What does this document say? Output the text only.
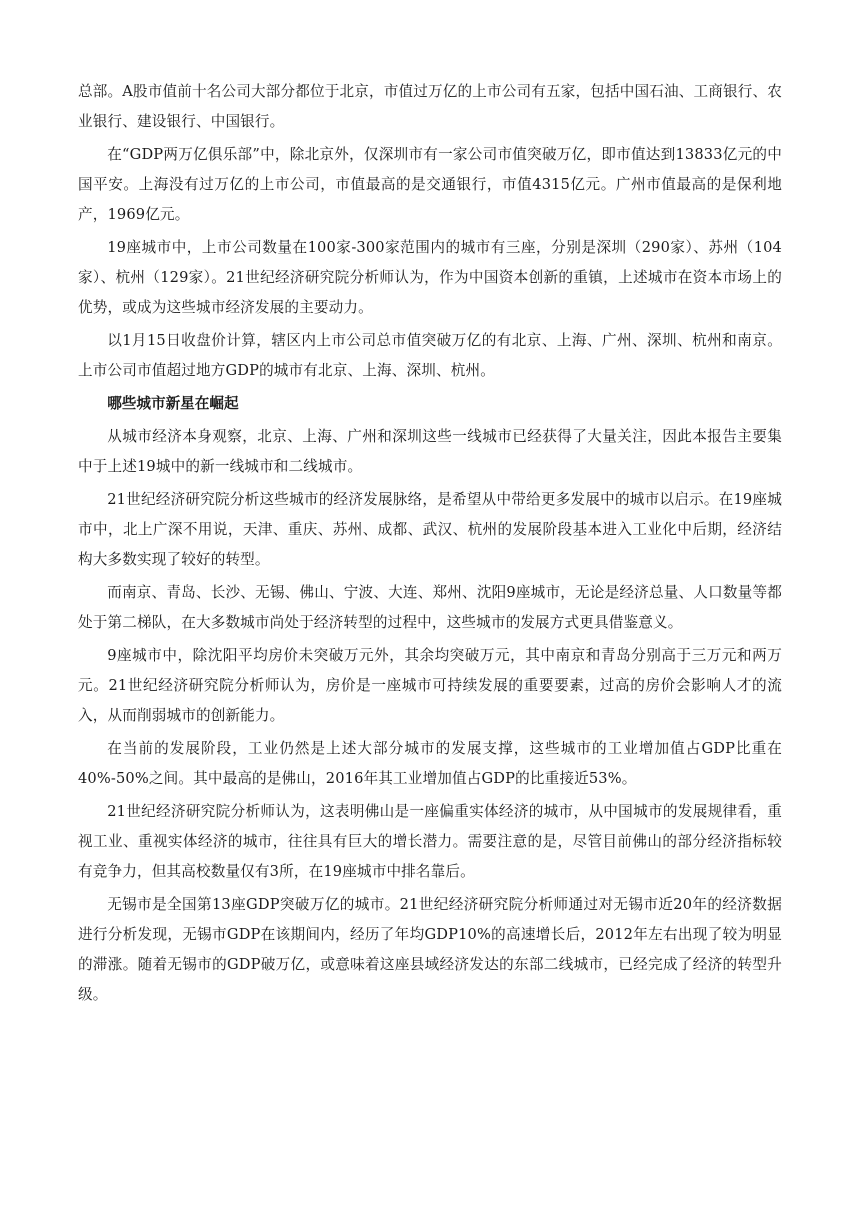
总部。A股市值前十名公司大部分都位于北京，市值过万亿的上市公司有五家，包括中国石油、工商银行、农业银行、建设银行、中国银行。

在“GDP两万亿俱乐部”中，除北京外，仅深圳市有一家公司市值突破万亿，即市值达到13833亿元的中国平安。上海没有过万亿的上市公司，市值最高的是交通银行，市值4315亿元。广州市值最高的是保利地产，1969亿元。

19座城市中，上市公司数量在100家-300家范围内的城市有三座，分别是深圳（290家）、苏州（104家）、杭州（129家）。21世纪经济研究院分析师认为，作为中国资本创新的重镇，上述城市在资本市场上的优势，或成为这些城市经济发展的主要动力。

以1月15日收盘价计算，辖区内上市公司总市值突破万亿的有北京、上海、广州、深圳、杭州和南京。上市公司市值超过地方GDP的城市有北京、上海、深圳、杭州。

哪些城市新星在崛起

从城市经济本身观察，北京、上海、广州和深圳这些一线城市已经获得了大量关注，因此本报告主要集中于上述19城中的新一线城市和二线城市。

21世纪经济研究院分析这些城市的经济发展脉络，是希望从中带给更多发展中的城市以启示。在19座城市中，北上广深不用说，天津、重庆、苏州、成都、武汉、杭州的发展阶段基本进入工业化中后期，经济结构大多数实现了较好的转型。

而南京、青岛、长沙、无锡、佛山、宁波、大连、郑州、沈阳9座城市，无论是经济总量、人口数量等都处于第二梯队，在大多数城市尚处于经济转型的过程中，这些城市的发展方式更具借鉴意义。

9座城市中，除沈阳平均房价未突破万元外，其余均突破万元，其中南京和青岛分别高于三万元和两万元。21世纪经济研究院分析师认为，房价是一座城市可持续发展的重要要素，过高的房价会影响人才的流入，从而削弱城市的创新能力。

在当前的发展阶段，工业仍然是上述大部分城市的发展支撑，这些城市的工业增加值占GDP比重在40%-50%之间。其中最高的是佛山，2016年其工业增加值占GDP的比重接近53%。

21世纪经济研究院分析师认为，这表明佛山是一座偏重实体经济的城市，从中国城市的发展规律看，重视工业、重视实体经济的城市，往往具有巨大的增长潜力。需要注意的是，尽管目前佛山的部分经济指标较有竞争力，但其高校数量仅有3所，在19座城市中排名靠后。

无锡市是全国第13座GDP突破万亿的城市。21世纪经济研究院分析师通过对无锡市近20年的经济数据进行分析发现，无锡市GDP在该期间内，经历了年均GDP10%的高速增长后，2012年左右出现了较为明显的滞涨。随着无锡市的GDP破万亿，或意味着这座县域经济发达的东部二线城市，已经完成了经济的转型升级。
